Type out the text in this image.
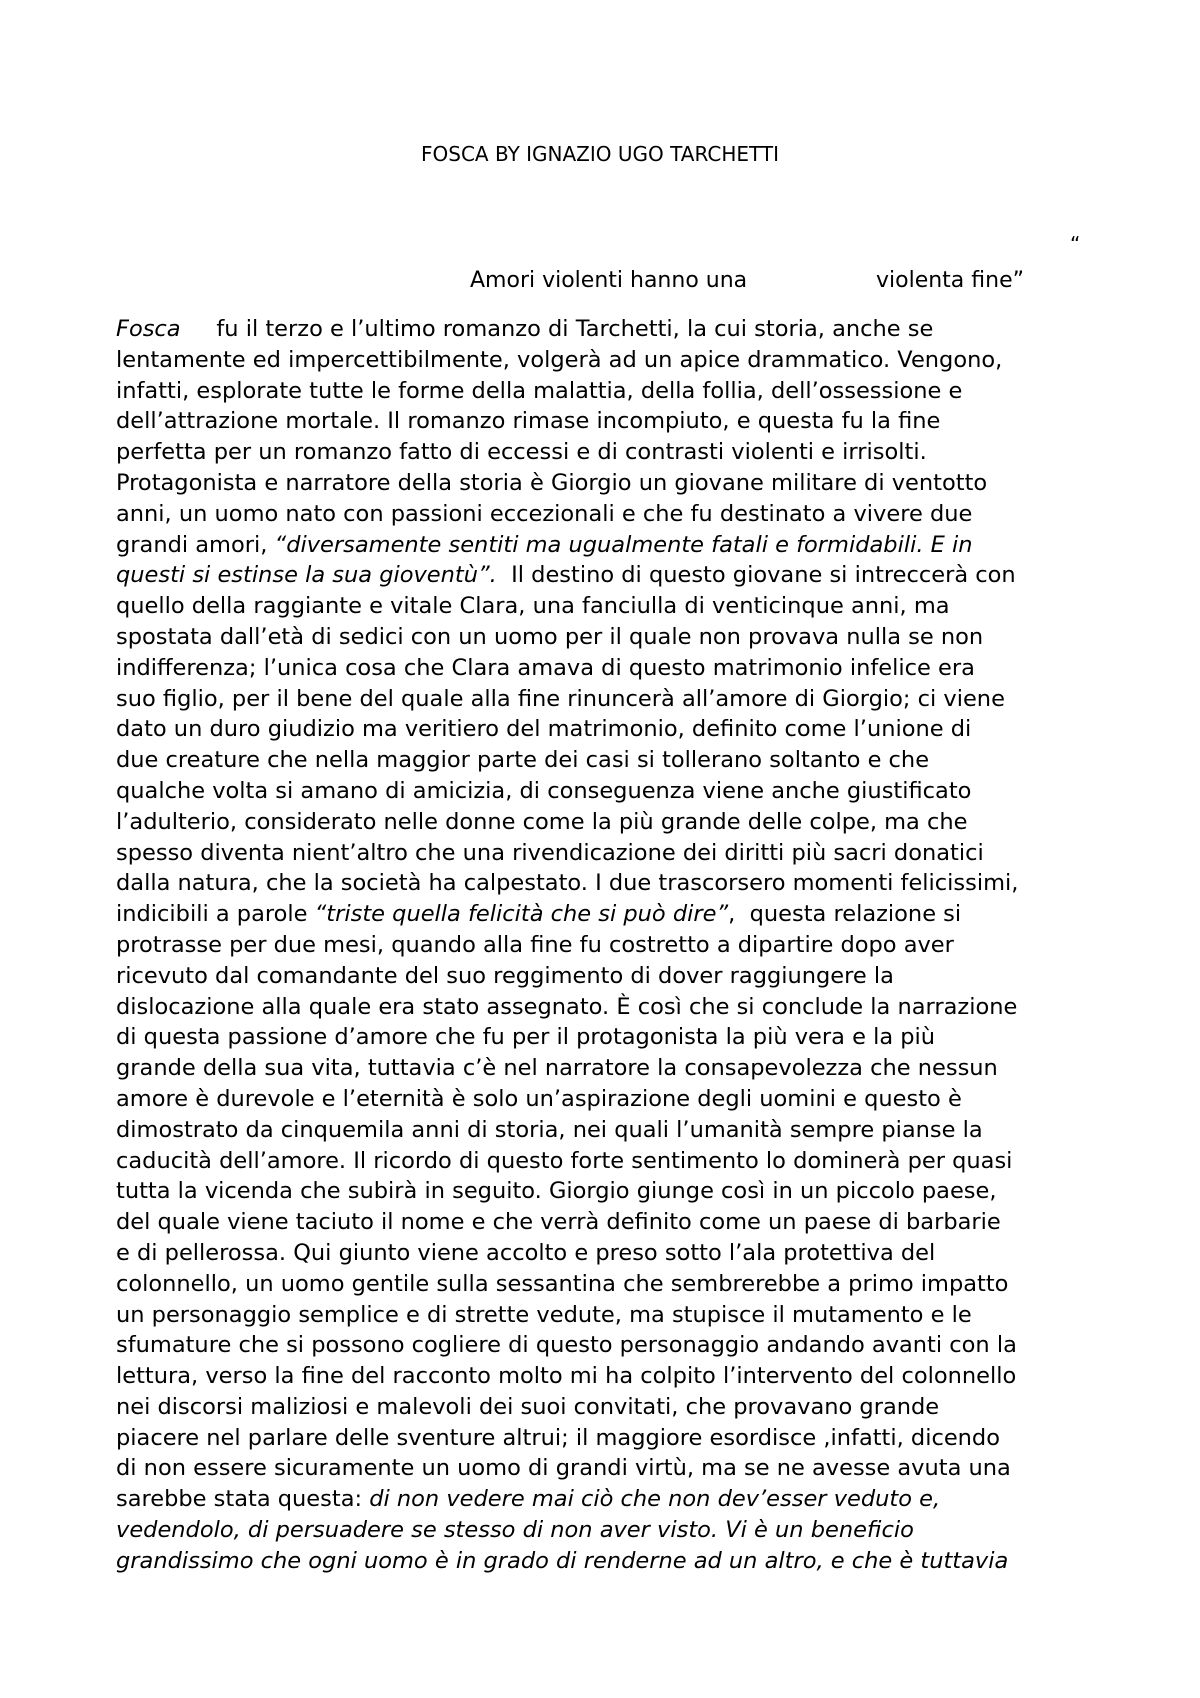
FOSCA BY IGNAZIO UGO TARCHETTI
“
Amori violenti hanno una	violenta fine”
Fosca     fu il terzo e l’ultimo romanzo di Tarchetti, la cui storia, anche se
lentamente ed impercettibilmente, volgerà ad un apice drammatico. Vengono,
infatti, esplorate tutte le forme della malattia, della follia, dell’ossessione e
dell’attrazione mortale. Il romanzo rimase incompiuto, e questa fu la fine
perfetta per un romanzo fatto di eccessi e di contrasti violenti e irrisolti.
Protagonista e narratore della storia è Giorgio un giovane militare di ventotto
anni, un uomo nato con passioni eccezionali e che fu destinato a vivere due
grandi amori, “diversamente sentiti ma ugualmente fatali e formidabili. E in
questi si estinse la sua gioventù”.  Il destino di questo giovane si intreccerà con
quello della raggiante e vitale Clara, una fanciulla di venticinque anni, ma
spostata dall’età di sedici con un uomo per il quale non provava nulla se non
indifferenza; l’unica cosa che Clara amava di questo matrimonio infelice era
suo figlio, per il bene del quale alla fine rinuncerà all’amore di Giorgio; ci viene
dato un duro giudizio ma veritiero del matrimonio, definito come l’unione di
due creature che nella maggior parte dei casi si tollerano soltanto e che
qualche volta si amano di amicizia, di conseguenza viene anche giustificato
l’adulterio, considerato nelle donne come la più grande delle colpe, ma che
spesso diventa nient’altro che una rivendicazione dei diritti più sacri donatici
dalla natura, che la società ha calpestato. I due trascorsero momenti felicissimi,
indicibili a parole “triste quella felicità che si può dire”,  questa relazione si
protrasse per due mesi, quando alla fine fu costretto a dipartire dopo aver
ricevuto dal comandante del suo reggimento di dover raggiungere la
dislocazione alla quale era stato assegnato. È così che si conclude la narrazione
di questa passione d’amore che fu per il protagonista la più vera e la più
grande della sua vita, tuttavia c’è nel narratore la consapevolezza che nessun
amore è durevole e l’eternità è solo un’aspirazione degli uomini e questo è
dimostrato da cinquemila anni di storia, nei quali l’umanità sempre pianse la
caducità dell’amore. Il ricordo di questo forte sentimento lo dominerà per quasi
tutta la vicenda che subirà in seguito. Giorgio giunge così in un piccolo paese,
del quale viene taciuto il nome e che verrà definito come un paese di barbarie
e di pellerossa. Qui giunto viene accolto e preso sotto l’ala protettiva del
colonnello, un uomo gentile sulla sessantina che sembrerebbe a primo impatto
un personaggio semplice e di strette vedute, ma stupisce il mutamento e le
sfumature che si possono cogliere di questo personaggio andando avanti con la
lettura, verso la fine del racconto molto mi ha colpito l’intervento del colonnello
nei discorsi maliziosi e malevoli dei suoi convitati, che provavano grande
piacere nel parlare delle sventure altrui; il maggiore esordisce ,infatti, dicendo
di non essere sicuramente un uomo di grandi virtù, ma se ne avesse avuta una
sarebbe stata questa: di non vedere mai ciò che non dev’esser veduto e,
vedendolo, di persuadere se stesso di non aver visto. Vi è un beneficio
grandissimo che ogni uomo è in grado di renderne ad un altro, e che è tuttavia
